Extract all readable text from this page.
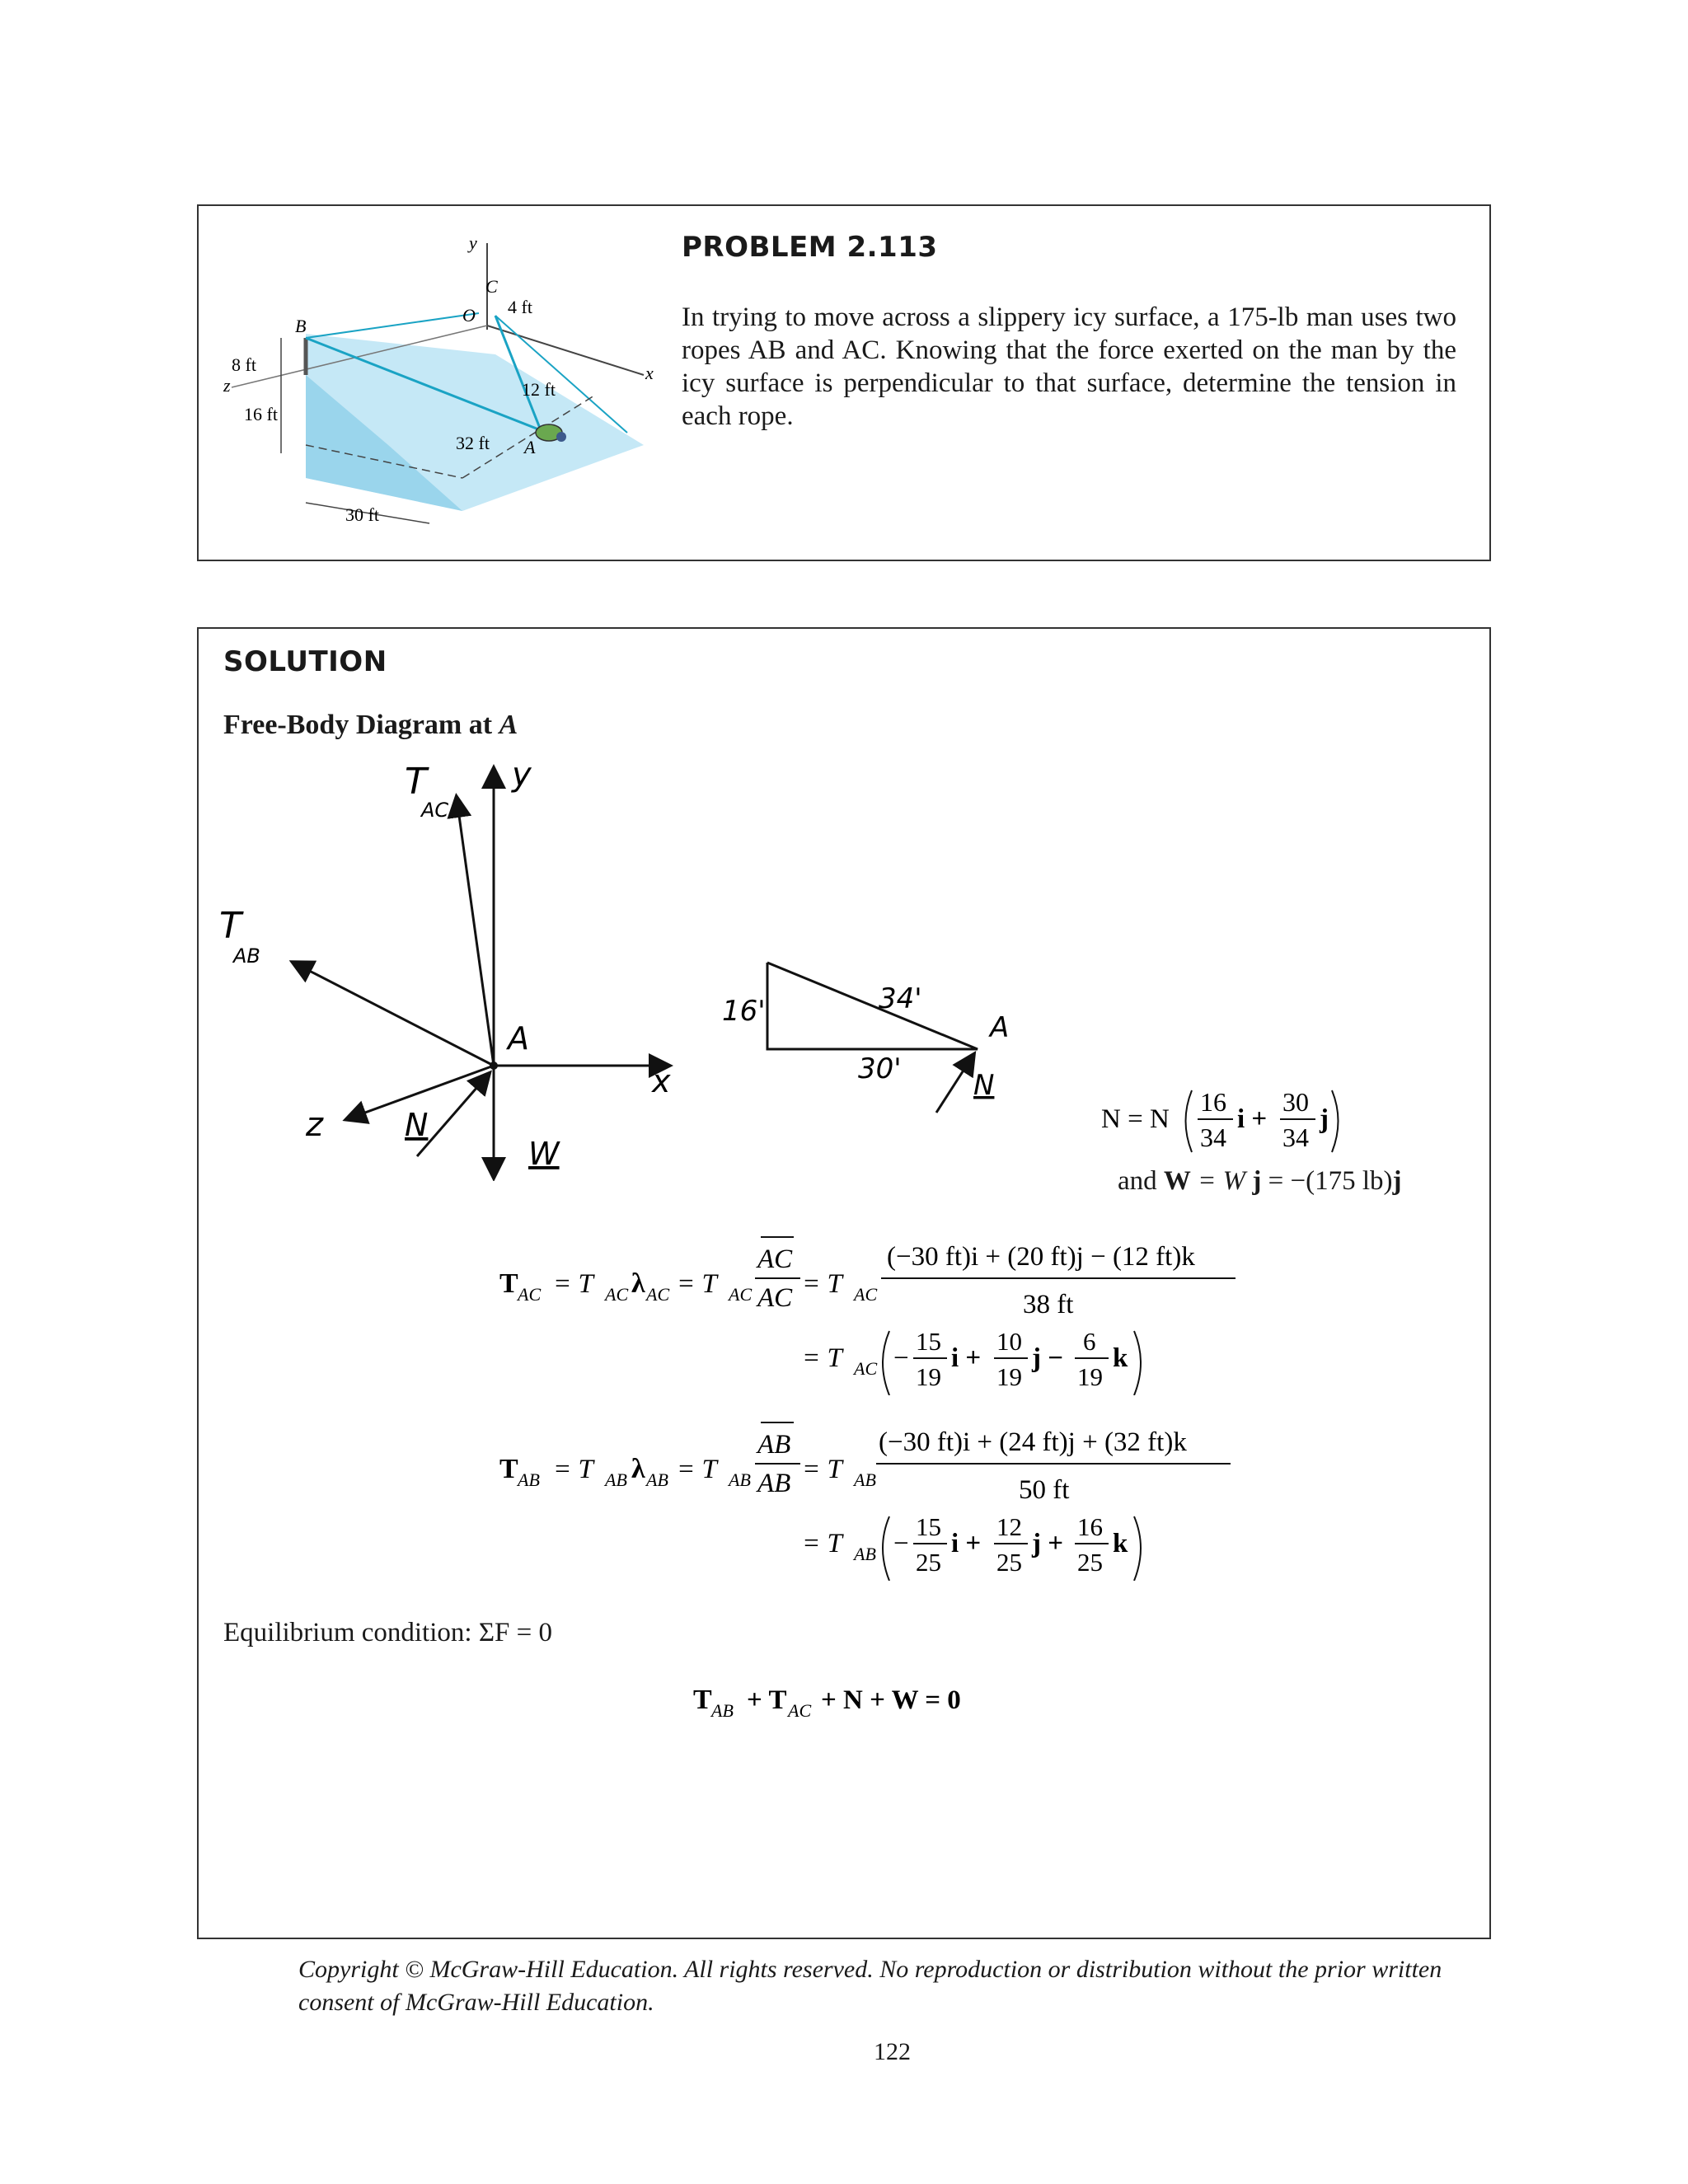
y
C
4 ft
O
B
x
8 ft
z
16 ft
12 ft
32 ft A
30 ft
PROBLEM 2.113
In trying to move across a slippery icy surface, a 175-lb man uses two ropes AB and AC. Knowing that the force exerted on the man by the icy surface is perpendicular to that surface, determine the tension in each rope.
SOLUTION
Free-Body Diagram at A
T
AC
y
T
AB
A
x
z	N
W
16'	34'
30'
A
N
N = N
16
34
i +
30
34
j
and W = W j = −(175 lb)j
T AC = T AC λ AC = T AC
AC
AC = T AC
(−30 ft)i + (20 ft)j − (12 ft)k
38 ft
= T AC −
15
19
i +
10
19
j −
6
19
k
T AB = T AB λ AB = T AB
AB
AB = T AB
(−30 ft)i + (24 ft)j + (32 ft)k
50 ft
= T AB −
15
25
i +
12
25
j +
16
25
k
Equilibrium condition: ΣF = 0
T AB + T AC + N + W = 0
Copyright © McGraw-Hill Education. All rights reserved. No reproduction or distribution without the prior written consent of McGraw-Hill Education.
122
